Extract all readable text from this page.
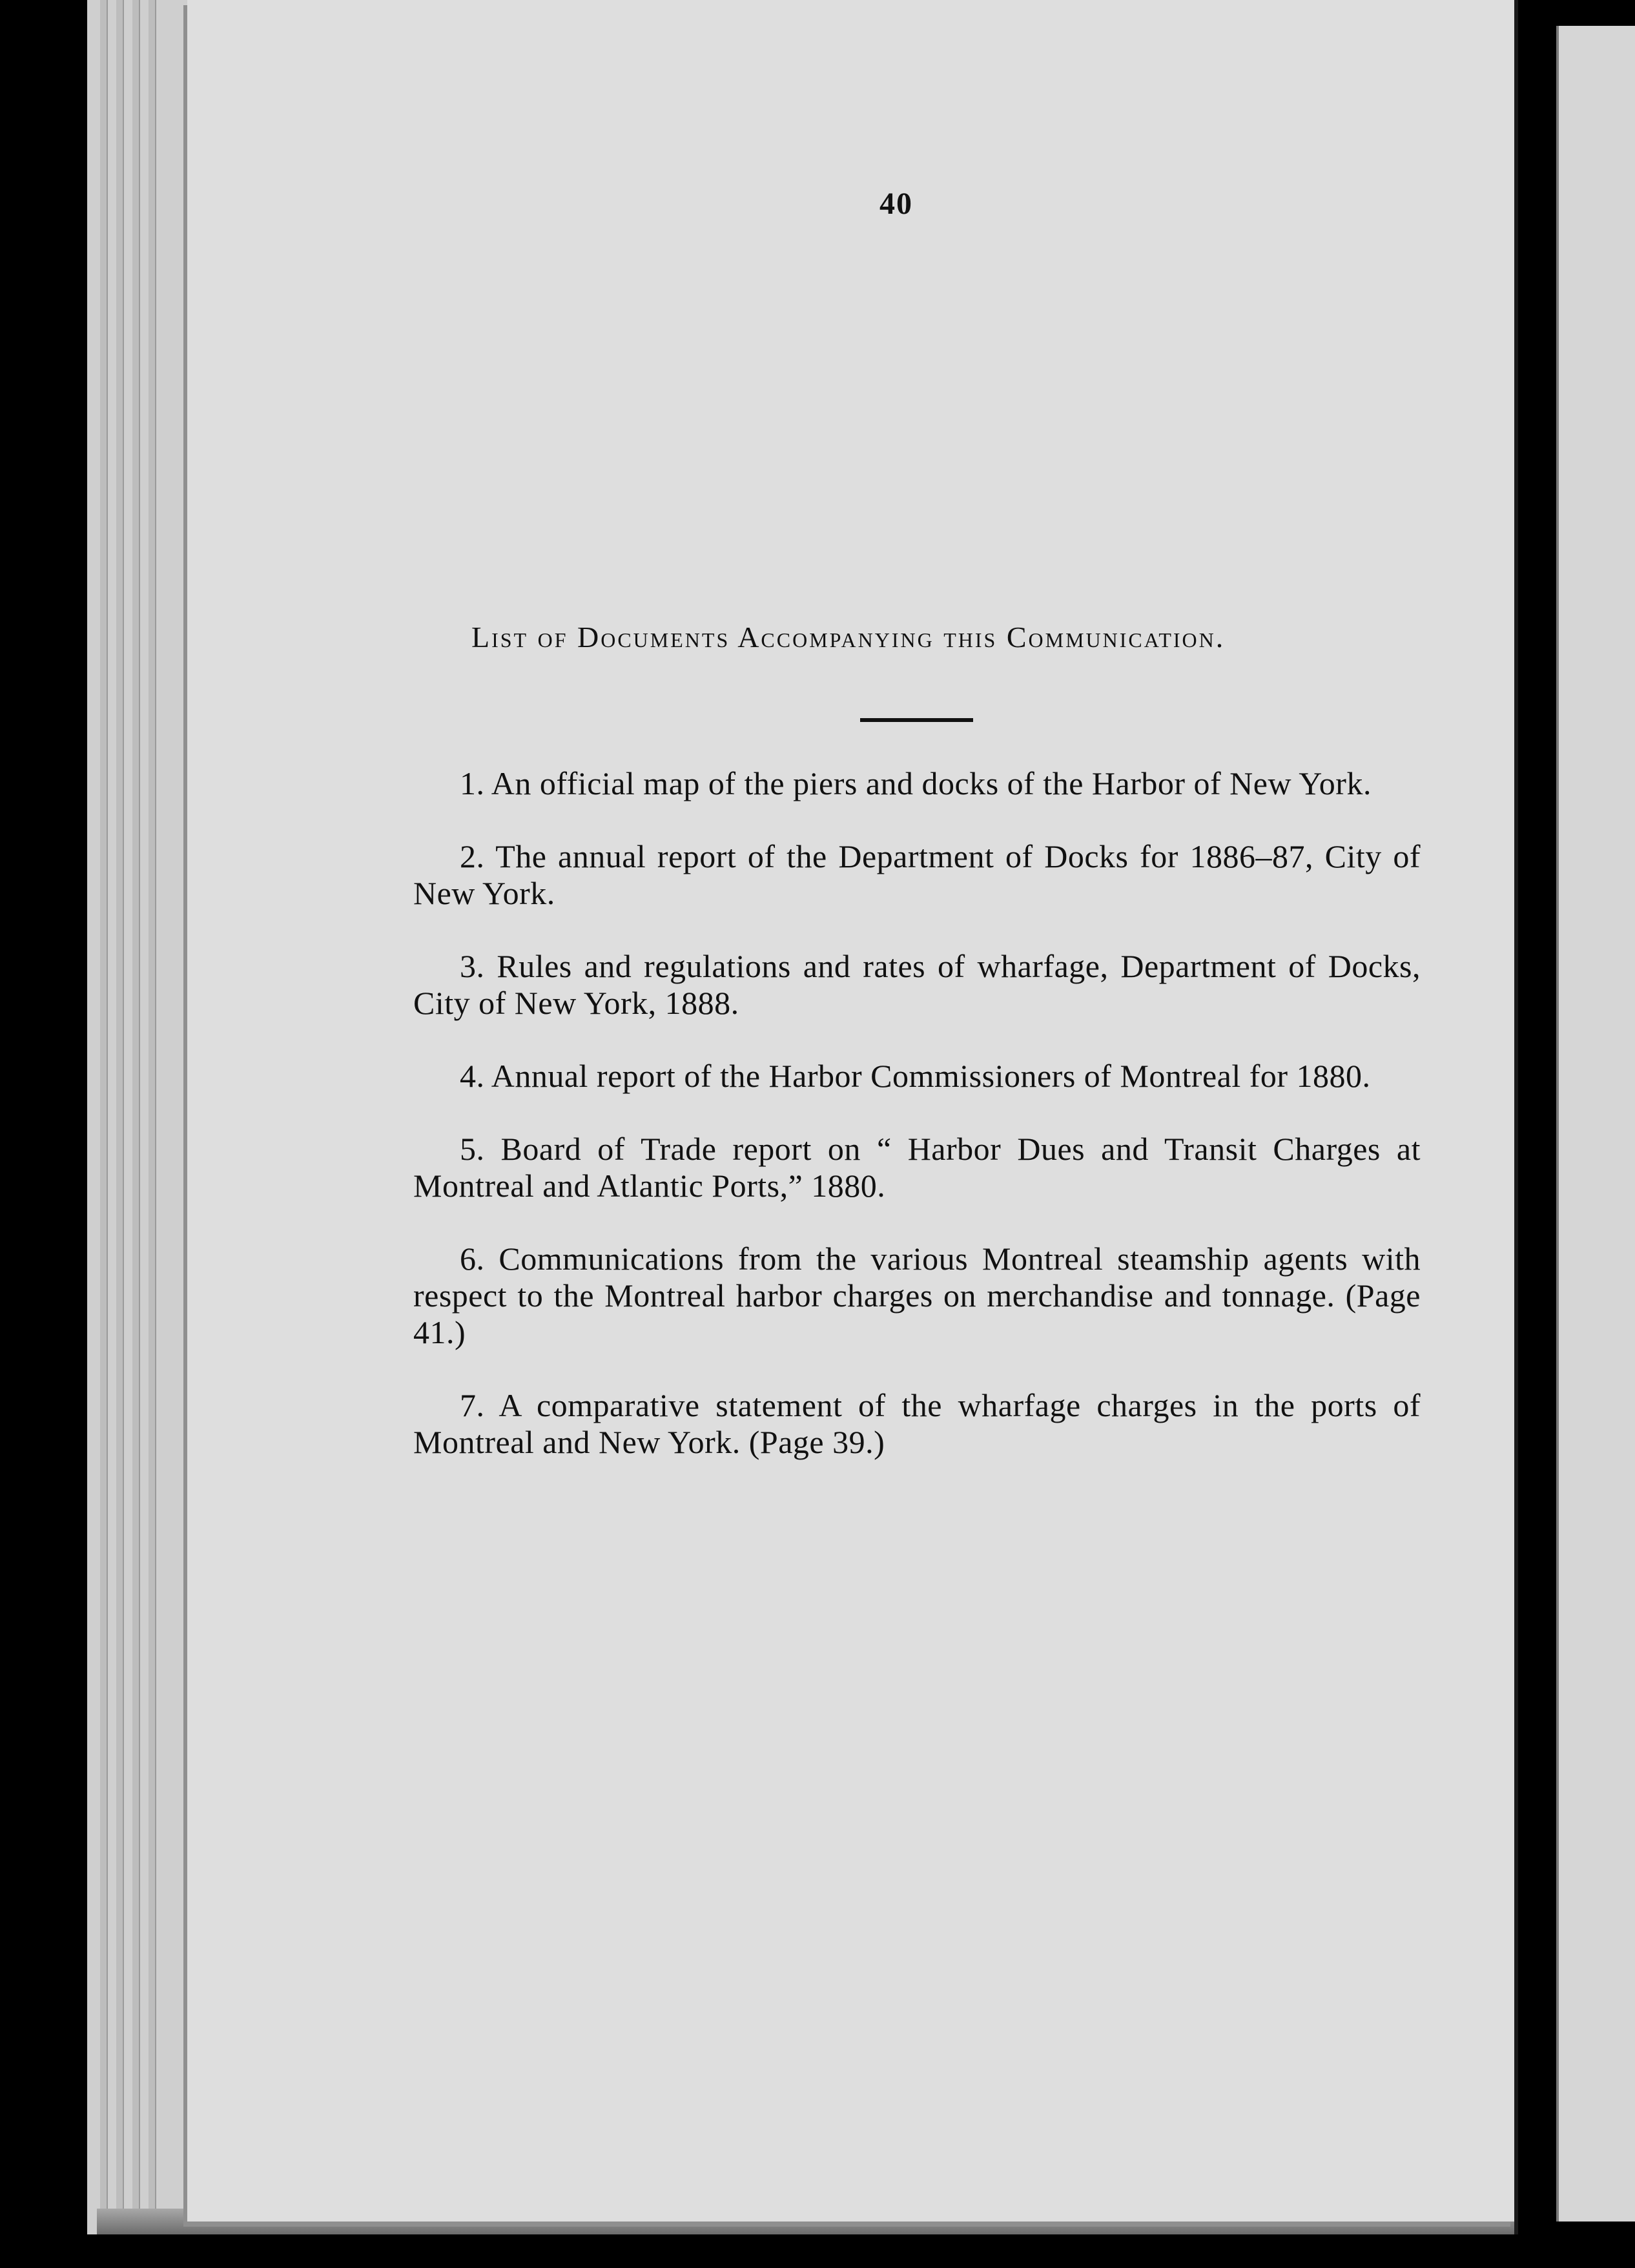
40
List of Documents Accompanying this Communication.
1. An official map of the piers and docks of the Harbor of New York.
2. The annual report of the Department of Docks for 1886–87, City of New York.
3. Rules and regulations and rates of wharfage, Department of Docks, City of New York, 1888.
4. Annual report of the Harbor Commissioners of Montreal for 1880.
5. Board of Trade report on “ Harbor Dues and Transit Charges at Montreal and Atlantic Ports,” 1880.
6. Communications from the various Montreal steamship agents with respect to the Montreal harbor charges on merchandise and tonnage. (Page 41.)
7. A comparative statement of the wharfage charges in the ports of Montreal and New York. (Page 39.)
